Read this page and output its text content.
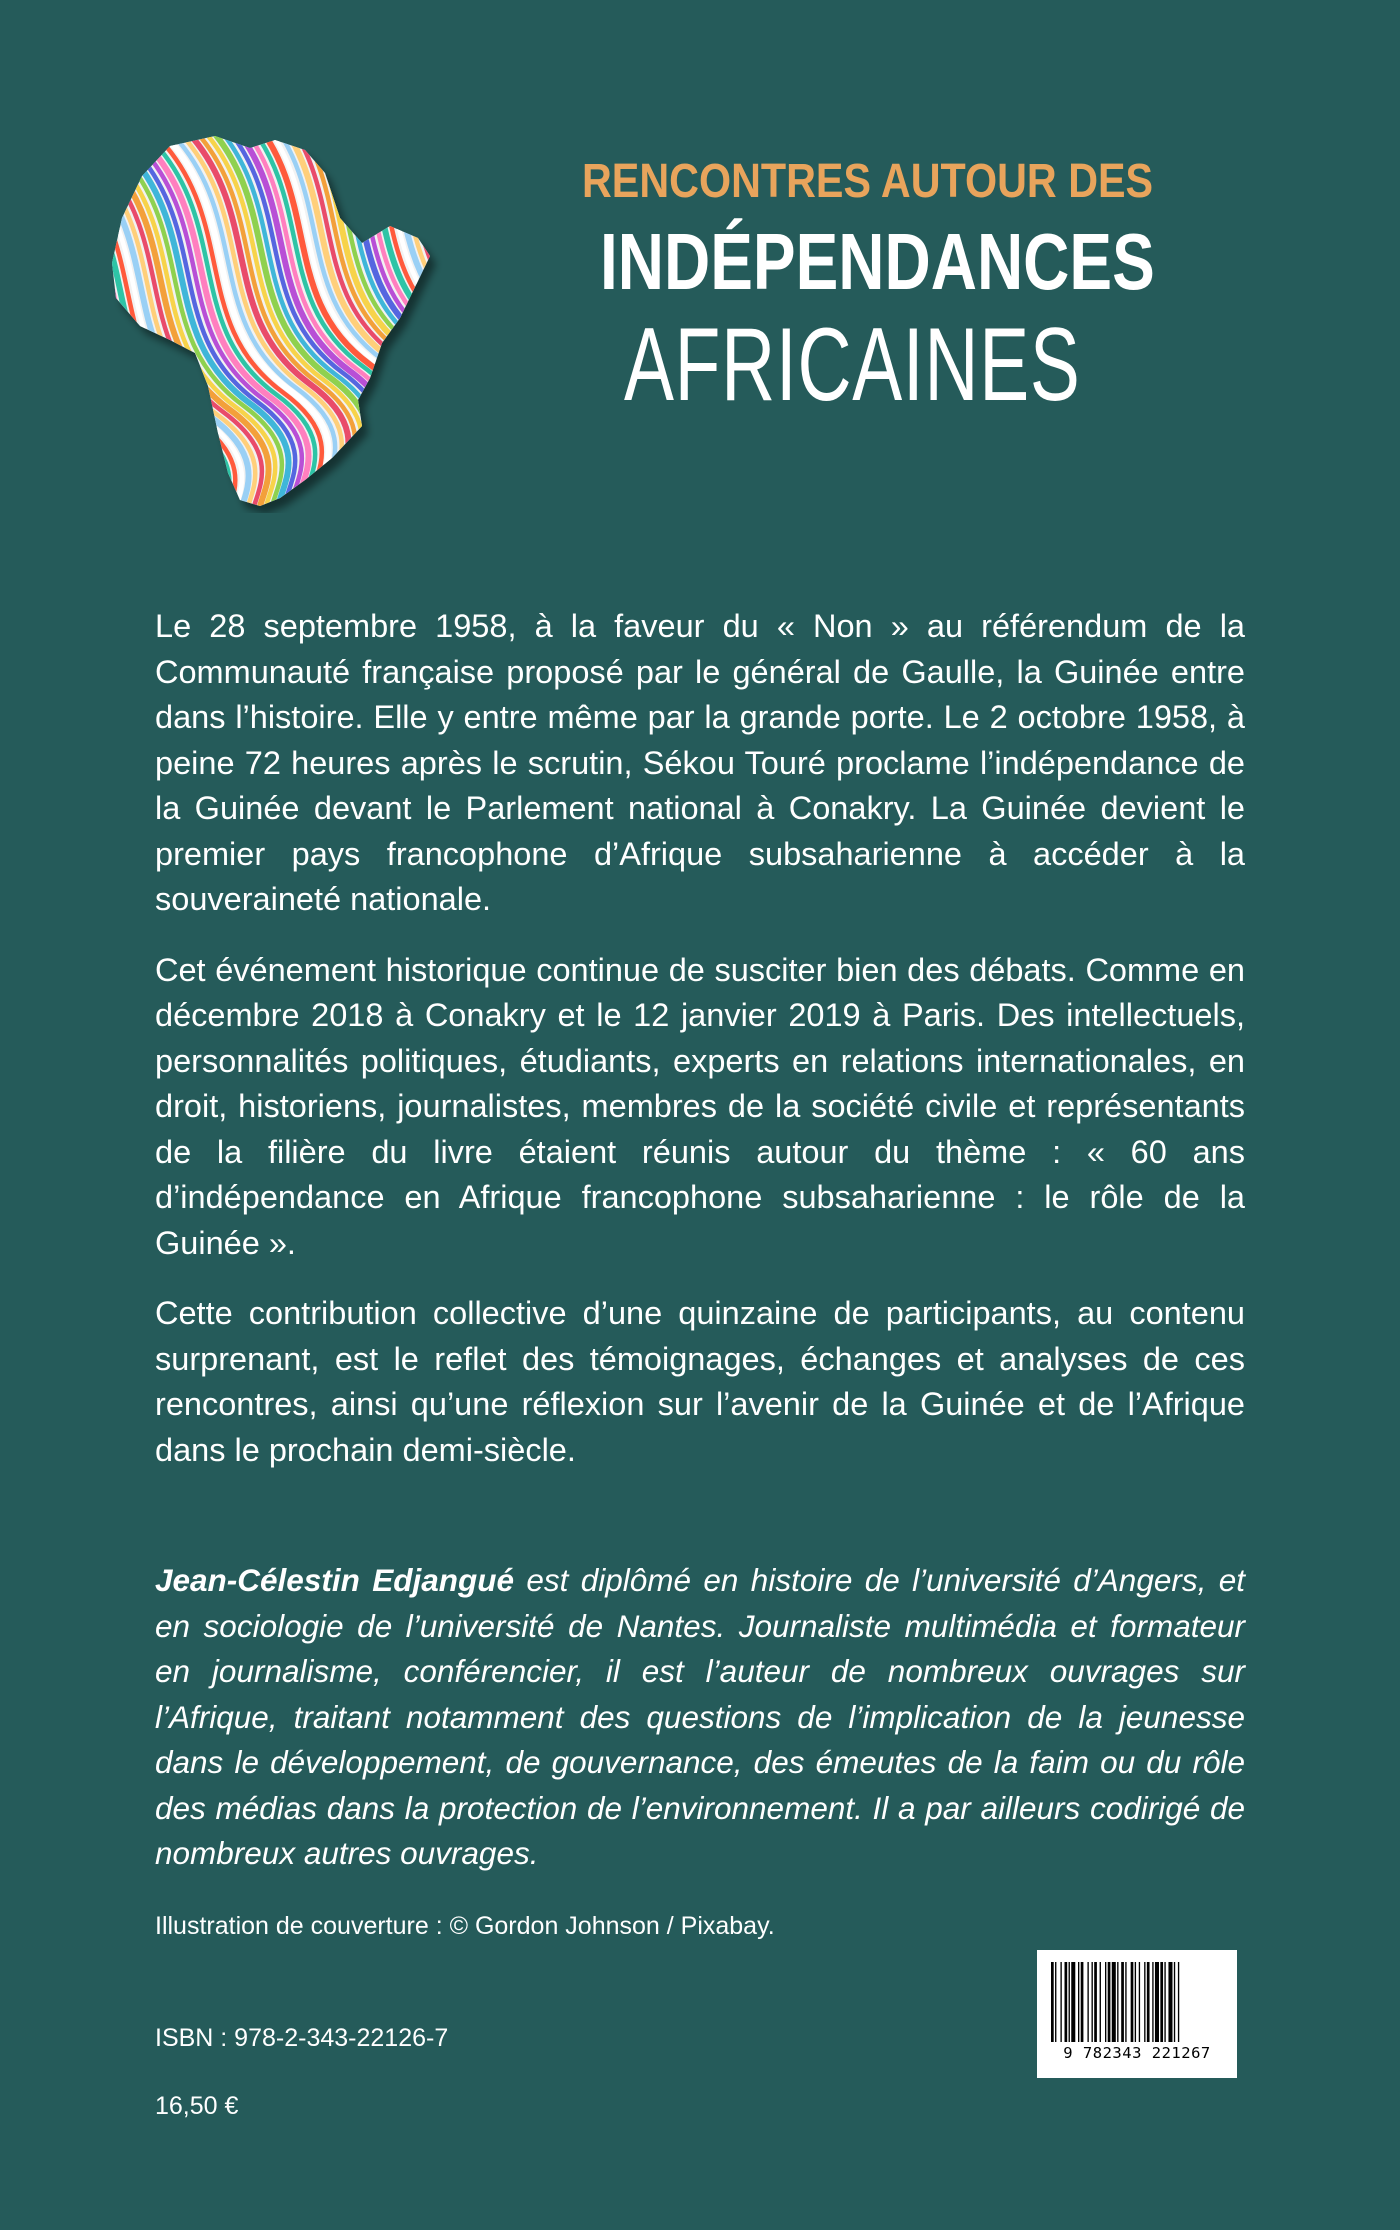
RENCONTRES AUTOUR DES
INDÉPENDANCES
AFRICAINES

Le 28 septembre 1958, à la faveur du « Non » au référendum de la Communauté française proposé par le général de Gaulle, la Guinée entre dans l’histoire. Elle y entre même par la grande porte. Le 2 octobre 1958, à peine 72 heures après le scrutin, Sékou Touré proclame l’indépendance de la Guinée devant le Parlement national à Conakry. La Guinée devient le premier pays francophone d’Afrique subsaharienne à accéder à la souveraineté nationale.

Cet événement historique continue de susciter bien des débats. Comme en décembre 2018 à Conakry et le 12 janvier 2019 à Paris. Des intellectuels, personnalités politiques, étudiants, experts en relations internationales, en droit, historiens, journalistes, membres de la société civile et représentants de la filière du livre étaient réunis autour du thème : « 60 ans d’indépendance en Afrique francophone subsaharienne : le rôle de la Guinée ».

Cette contribution collective d’une quinzaine de participants, au contenu surprenant, est le reflet des témoignages, échanges et analyses de ces rencontres, ainsi qu’une réflexion sur l’avenir de la Guinée et de l’Afrique dans le prochain demi-siècle.

Jean-Célestin Edjangué est diplômé en histoire de l’université d’Angers, et en sociologie de l’université de Nantes. Journaliste multimédia et formateur en journalisme, conférencier, il est l’auteur de nombreux ouvrages sur l’Afrique, traitant notamment des questions de l’implication de la jeunesse dans le développement, de gouvernance, des émeutes de la faim ou du rôle des médias dans la protection de l’environnement. Il a par ailleurs codirigé de nombreux autres ouvrages.
Illustration de couverture : © Gordon Johnson / Pixabay.
9 782343 221267
ISBN : 978-2-343-22126-7
16,50 €
